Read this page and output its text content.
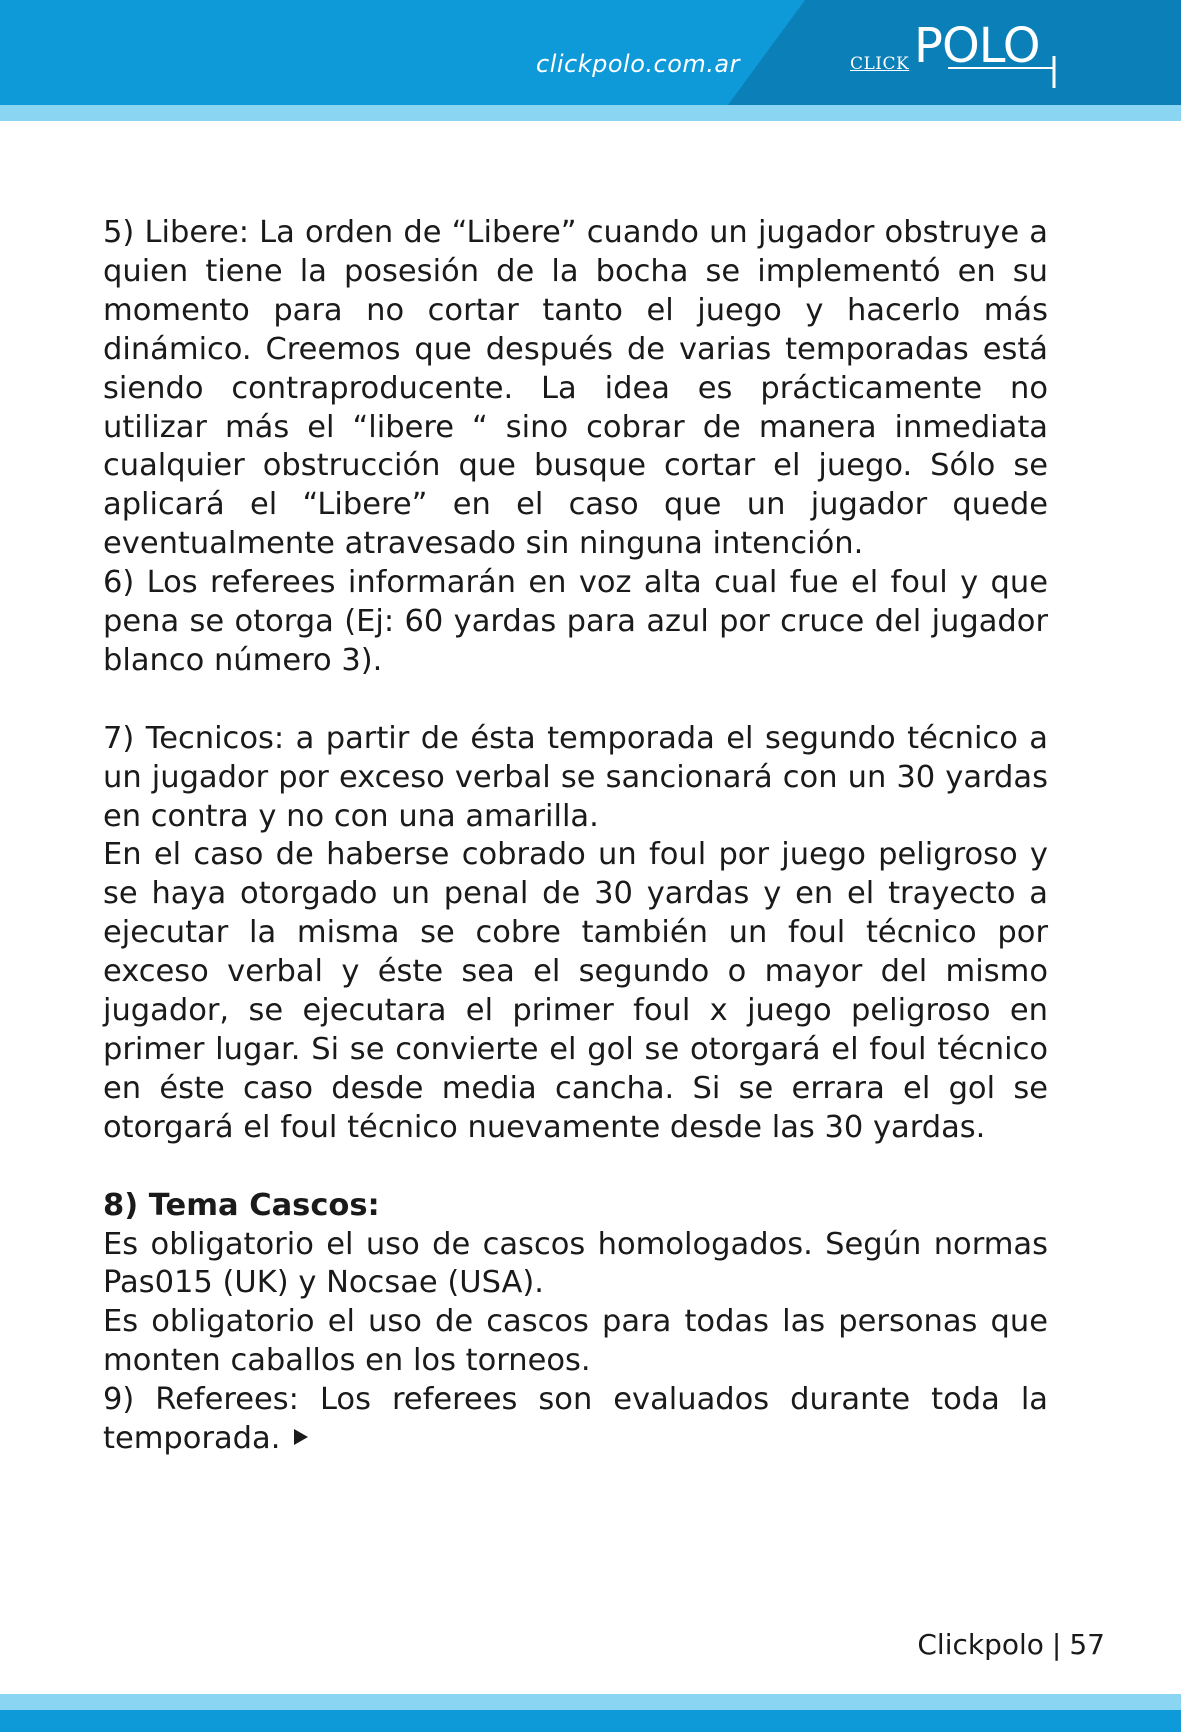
clickpolo.com.ar	CLICK POLO

5) Libere: La orden de “Libere” cuando un jugador obstruye a quien tiene la posesión de la bocha se implementó en su momento para no cortar tanto el juego y hacerlo más dinámico. Creemos que después de varias temporadas está siendo contraproducente. La idea es prácticamente no utilizar más el “libere “ sino cobrar de manera inmediata cualquier obstrucción que busque cortar el juego. Sólo se aplicará el “Libere” en el caso que un jugador quede eventualmente atravesado sin ninguna intención.

6) Los referees informarán en voz alta cual fue el foul y que pena se otorga (Ej: 60 yardas para azul por cruce del jugador blanco número 3).

7) Tecnicos: a partir de ésta temporada el segundo técnico a un jugador por exceso verbal se sancionará con un 30 yardas en contra y no con una amarilla.

En el caso de haberse cobrado un foul por juego peligroso y se haya otorgado un penal de 30 yardas y en el trayecto a ejecutar la misma se cobre también un foul técnico por exceso verbal y éste sea el segundo o mayor del mismo jugador, se ejecutara el primer foul x juego peligroso en primer lugar. Si se convierte el gol se otorgará el foul técnico en éste caso desde media cancha. Si se errara el gol se otorgará el foul técnico nuevamente desde las 30 yardas.

8) Tema Cascos:

Es obligatorio el uso de cascos homologados. Según normas Pas015 (UK) y Nocsae (USA).

Es obligatorio el uso de cascos para todas las personas que monten caballos en los torneos.

9) Referees: Los referees son evaluados durante toda la temporada.

Clickpolo | 57
